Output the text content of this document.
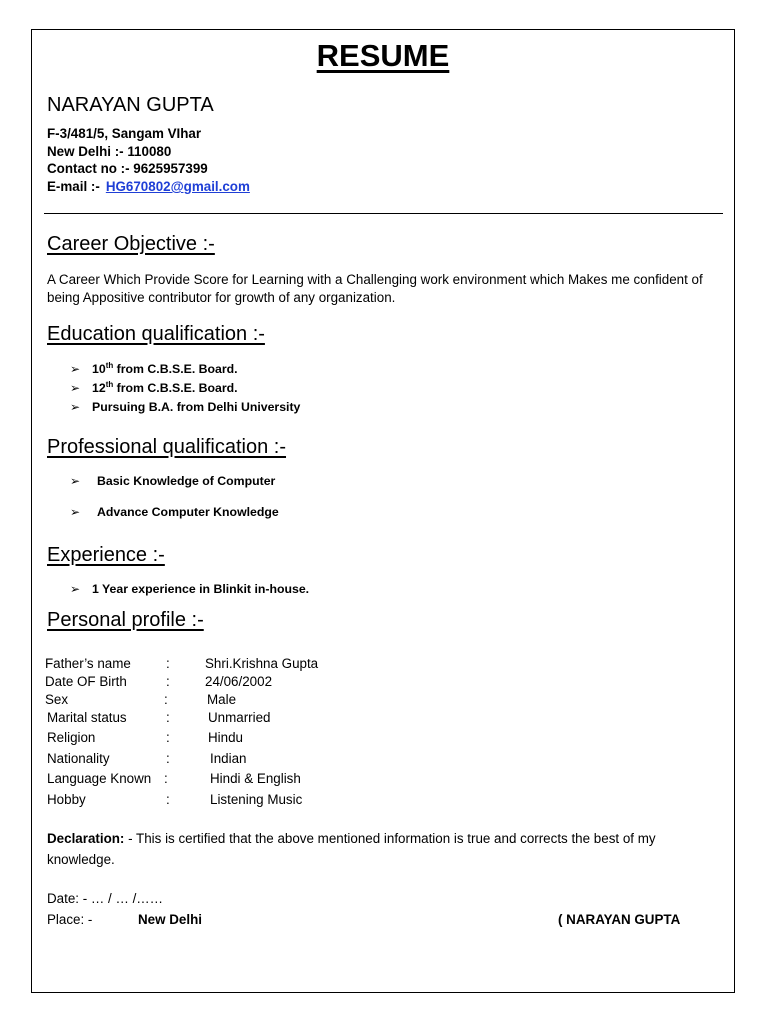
RESUME
NARAYAN GUPTA
F-3/481/5, Sangam VIhar
New Delhi :- 110080
Contact no :- 9625957399
E-mail :- HG670802@gmail.com
Career Objective :-
A Career Which Provide Score for Learning with a Challenging work environment which Makes me confident of being Appositive contributor for growth of any organization.
Education qualification :-
➢ 10th from C.B.S.E. Board.
➢ 12th from C.B.S.E. Board.
➢ Pursuing B.A. from Delhi University
Professional qualification :-
➢ Basic Knowledge of Computer
➢ Advance Computer Knowledge
Experience :-
➢ 1 Year experience in Blinkit in-house.
Personal profile :-
Father’s name	:	Shri.Krishna Gupta
Date OF Birth	:	24/06/2002
Sex	:	Male
Marital status	:	Unmarried
Religion	:	Hindu
Nationality	:	Indian
Language Known :	Hindi & English
Hobby	:	Listening Music
Declaration: - This is certified that the above mentioned information is true and corrects the best of my knowledge.
Date: - … / … /……
Place: -	New Delhi	( NARAYAN GUPTA
